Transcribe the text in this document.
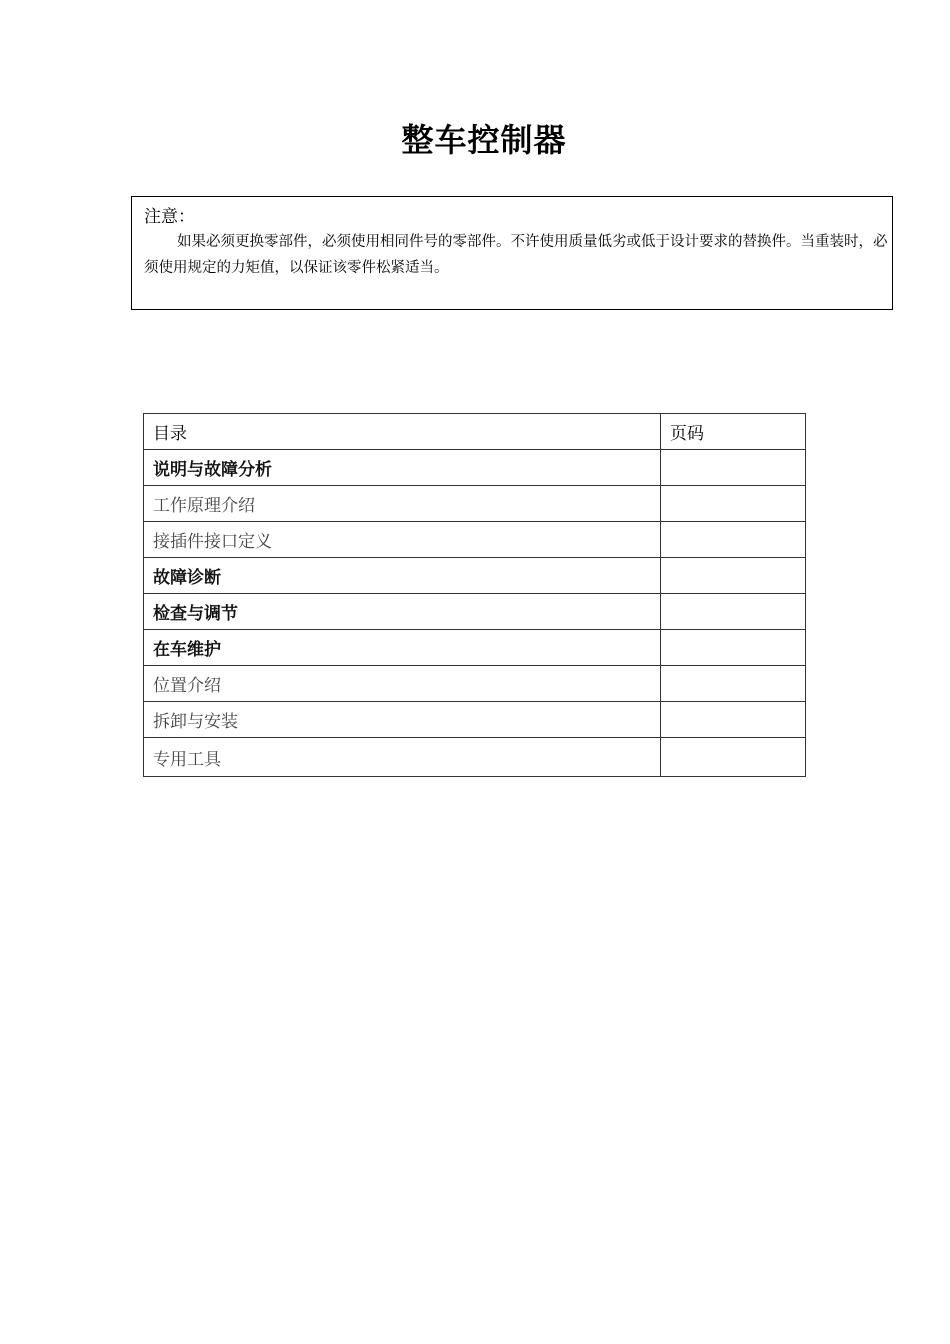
整车控制器
注意：
如果必须更换零部件，必须使用相同件号的零部件。不许使用质量低劣或低于设计要求的替换件。当重装时，必须使用规定的力矩值，以保证该零件松紧适当。
目录	页码
说明与故障分析	
工作原理介绍	
接插件接口定义	
故障诊断	
检查与调节	
在车维护	
位置介绍	
拆卸与安装	
专用工具	
